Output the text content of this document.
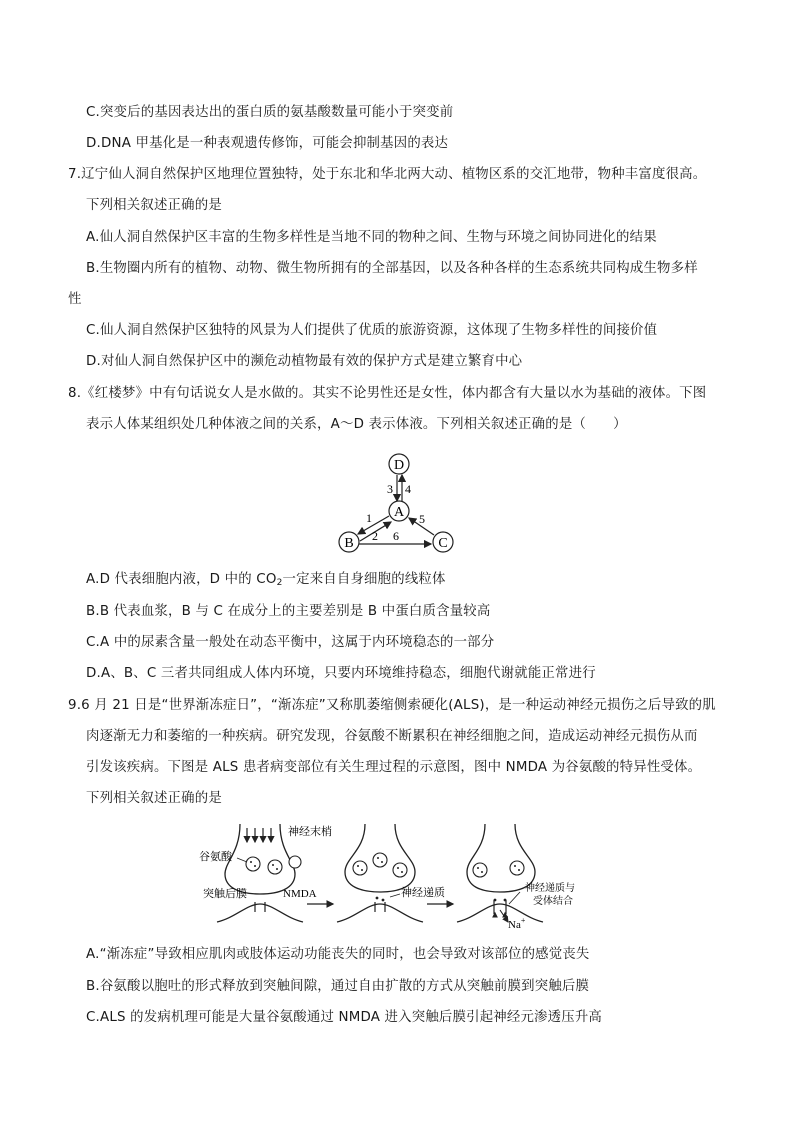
C.突变后的基因表达出的蛋白质的氨基酸数量可能小于突变前
D.DNA 甲基化是一种表观遗传修饰，可能会抑制基因的表达
7.辽宁仙人洞自然保护区地理位置独特，处于东北和华北两大动、植物区系的交汇地带，物种丰富度很高。
下列相关叙述正确的是
A.仙人洞自然保护区丰富的生物多样性是当地不同的物种之间、生物与环境之间协同进化的结果
B.生物圈内所有的植物、动物、微生物所拥有的全部基因，以及各种各样的生态系统共同构成生物多样
性
C.仙人洞自然保护区独特的风景为人们提供了优质的旅游资源，这体现了生物多样性的间接价值
D.对仙人洞自然保护区中的濒危动植物最有效的保护方式是建立繁育中心
8.《红楼梦》中有句话说女人是水做的。其实不论男性还是女性，体内都含有大量以水为基础的液体。下图
表示人体某组织处几种体液之间的关系，A～D 表示体液。下列相关叙述正确的是（　　）
D
A
B	C
3 4
1
2
5
6
A.D 代表细胞内液，D 中的 $CO_2$一定来自自身细胞的线粒体
B.B 代表血浆，B 与 C 在成分上的主要差别是 B 中蛋白质含量较高
C.A 中的尿素含量一般处在动态平衡中，这属于内环境稳态的一部分
D.A、B、C 三者共同组成人体内环境，只要内环境维持稳态，细胞代谢就能正常进行
9.6 月 21 日是“世界渐冻症日”，“渐冻症”又称肌萎缩侧索硬化(ALS)，是一种运动神经元损伤之后导致的肌
肉逐渐无力和萎缩的一种疾病。研究发现，谷氨酸不断累积在神经细胞之间，造成运动神经元损伤从而
引发该疾病。下图是 ALS 患者病变部位有关生理过程的示意图，图中 NMDA 为谷氨酸的特异性受体。
下列相关叙述正确的是
神经末梢
谷氨酸
突触后膜	NMDA	神经递质	神经递质与
受体结合
Na+
A.“渐冻症”导致相应肌肉或肢体运动功能丧失的同时，也会导致对该部位的感觉丧失
B.谷氨酸以胞吐的形式释放到突触间隙，通过自由扩散的方式从突触前膜到突触后膜
C.ALS 的发病机理可能是大量谷氨酸通过 NMDA 进入突触后膜引起神经元渗透压升高
